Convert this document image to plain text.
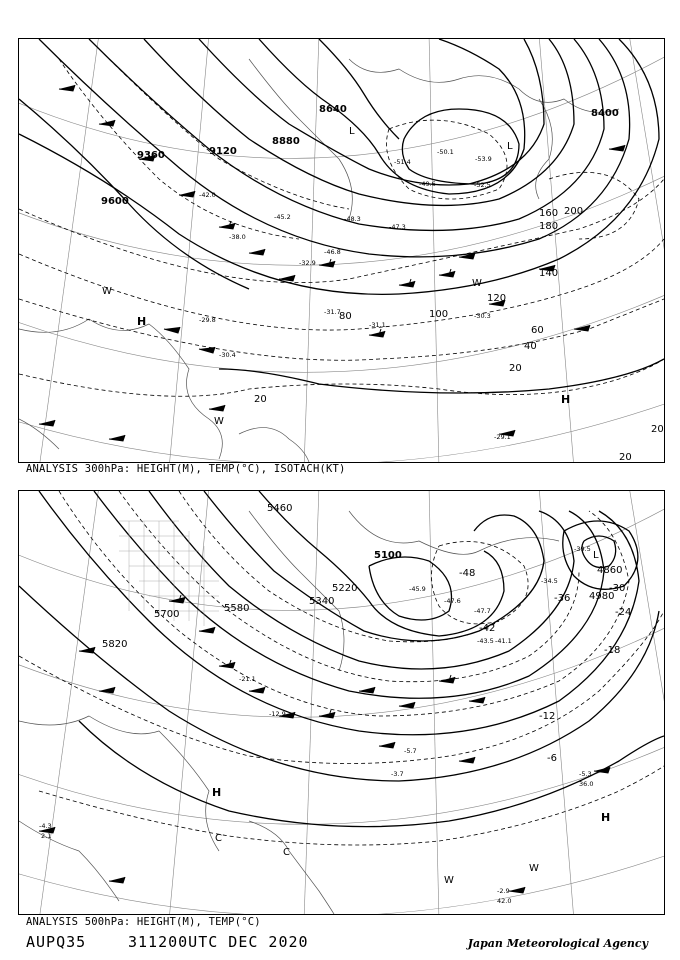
9600
9360	9120
8880
8640	8400
20
40
60
80	100
120
140
160
180
200
20
20
20
-50.1
-53.9
-52.5
-49.6
-51.4
-48.3
-47.3
-46.8
-45.2
-42.0
-38.0
-32.9
-31.1
-30.4
-29.8	-30.3
-31.7
-29.1
H
H
W
W
W
L
L
ANALYSIS 300hPa: HEIGHT(M), TEMP(°C), ISOTACH(KT)
5820
5700
5580
5460
5340
5220
5100
4980
4860
-6
-12
-18
-24
-30
-36
-42
-48
-43.5 -41.1
-47.7
-45.9
-47.6
-39.5
-34.5
-5.7
-3.7
-2.9
42.0
-4.3
2.1
-5.3
36.0
-12.9
-21.1
H
H
W
W
C
C
L
ANALYSIS 500hPa: HEIGHT(M), TEMP(°C)
AUPQ35	311200UTC DEC 2020	Japan Meteorological Agency
